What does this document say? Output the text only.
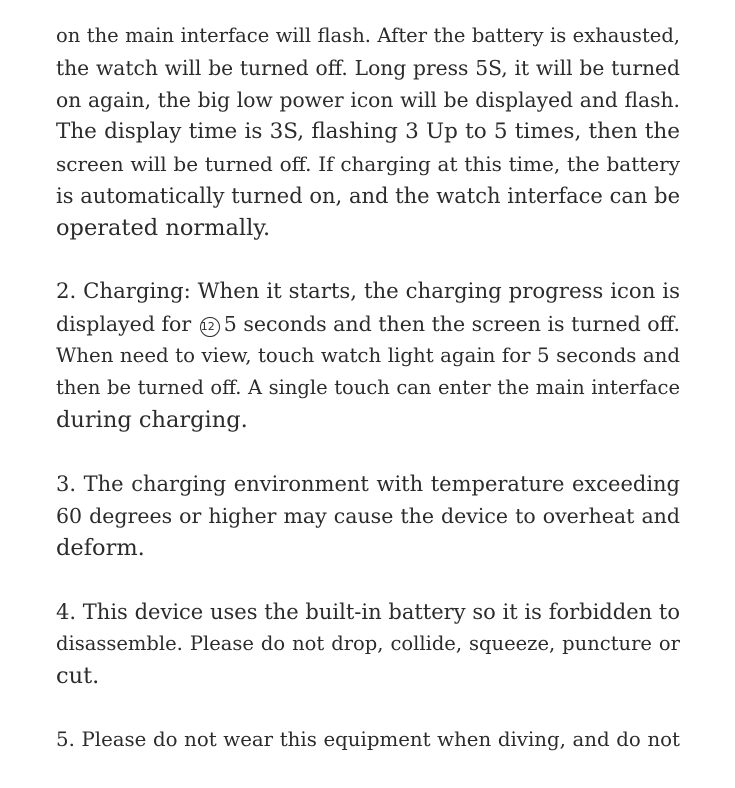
on the main interface will flash. After the battery is exhausted,
the watch will be turned off. Long press 5S, it will be turned
on again, the big low power icon will be displayed and flash.
The display time is 3S, flashing 3 Up to 5 times, then the
screen will be turned off. If charging at this time, the battery
is automatically turned on, and the watch interface can be
operated normally.
2. Charging: When it starts, the charging progress icon is
displayed for 12 5 seconds and then the screen is turned off.
When need to view, touch watch light again for 5 seconds and
then be turned off. A single touch can enter the main interface
during charging.
3. The charging environment with temperature exceeding
60 degrees or higher may cause the device to overheat and
deform.
4. This device uses the built-in battery so it is forbidden to
disassemble. Please do not drop, collide, squeeze, puncture or
cut.
5. Please do not wear this equipment when diving, and do not
